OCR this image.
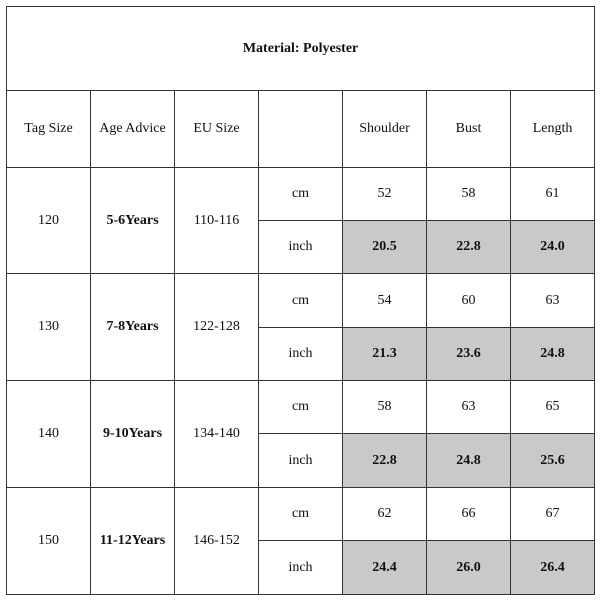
Material: Polyester						
Tag Size	Age Advice	EU Size		Shoulder	Bust	Length
120	5-6Years	110-116	cm	52	58	61
			inch	20.5	22.8	24.0
130	7-8Years	122-128	cm	54	60	63
			inch	21.3	23.6	24.8
140	9-10Years	134-140	cm	58	63	65
			inch	22.8	24.8	25.6
150	11-12Years	146-152	cm	62	66	67
			inch	24.4	26.0	26.4
